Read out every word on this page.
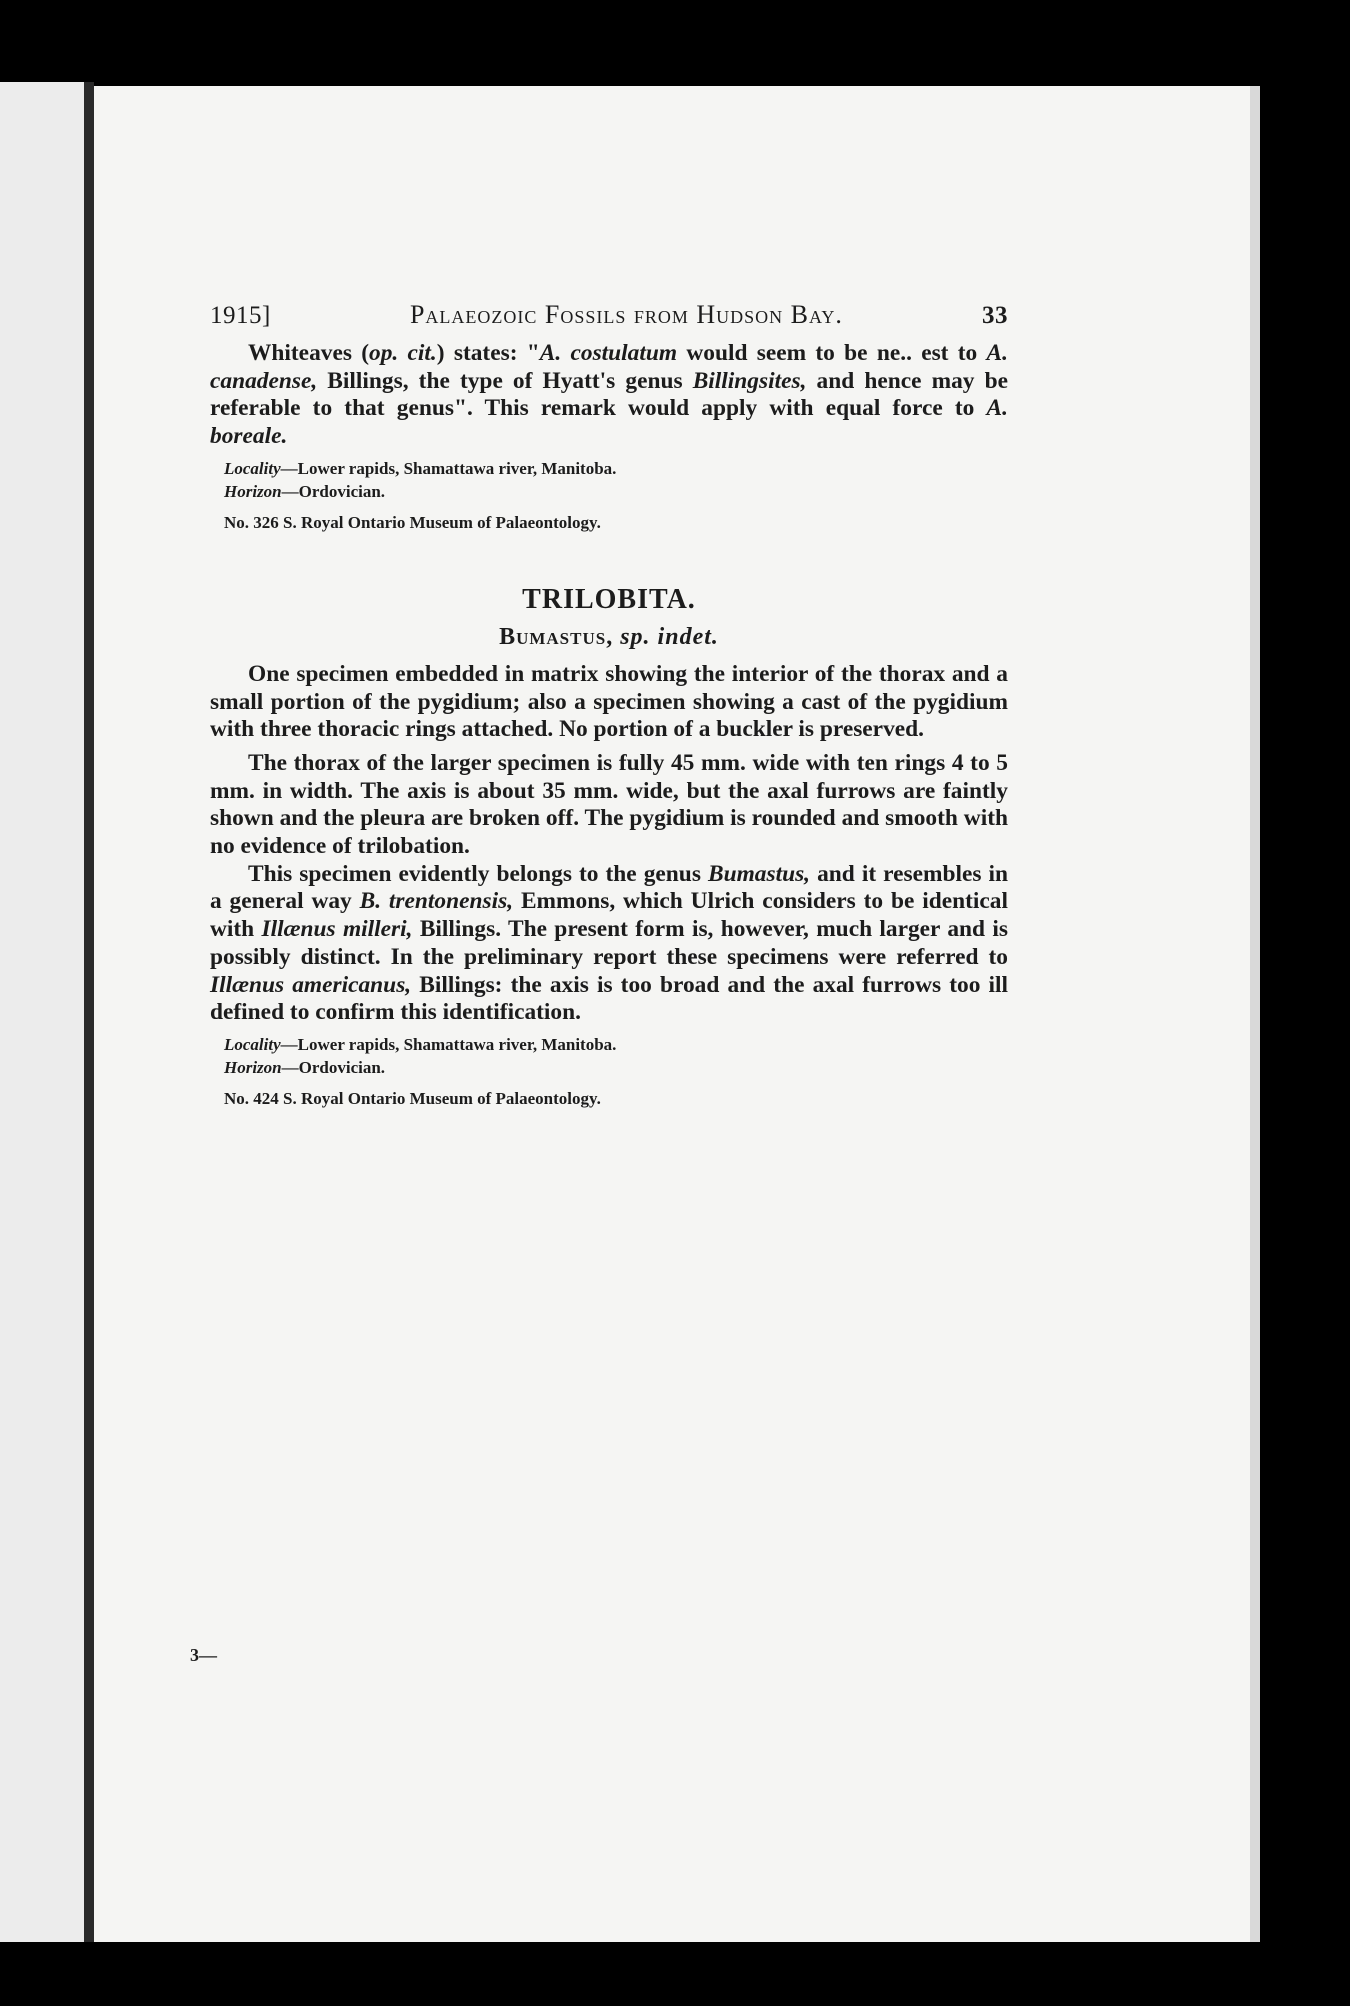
1915]	Palaeozoic Fossils from Hudson Bay.	33

Whiteaves (op. cit.) states: "A. costulatum would seem to be ne.. est to A. canadense, Billings, the type of Hyatt's genus Billingsites, and hence may be referable to that genus". This remark would apply with equal force to A. boreale.

Locality—Lower rapids, Shamattawa river, Manitoba.

Horizon—Ordovician.

No. 326 S. Royal Ontario Museum of Palaeontology.

TRILOBITA.
Bumastus, sp. indet.

One specimen embedded in matrix showing the interior of the thorax and a small portion of the pygidium; also a specimen showing a cast of the pygidium with three thoracic rings attached. No portion of a buckler is preserved.

The thorax of the larger specimen is fully 45 mm. wide with ten rings 4 to 5 mm. in width. The axis is about 35 mm. wide, but the axal furrows are faintly shown and the pleura are broken off. The pygidium is rounded and smooth with no evidence of trilobation.

This specimen evidently belongs to the genus Bumastus, and it resembles in a general way B. trentonensis, Emmons, which Ulrich considers to be identical with Illænus milleri, Billings. The present form is, however, much larger and is possibly distinct. In the preliminary report these specimens were referred to Illænus americanus, Billings: the axis is too broad and the axal furrows too ill defined to confirm this identification.

Locality—Lower rapids, Shamattawa river, Manitoba.

Horizon—Ordovician.

No. 424 S. Royal Ontario Museum of Palaeontology.

3—
